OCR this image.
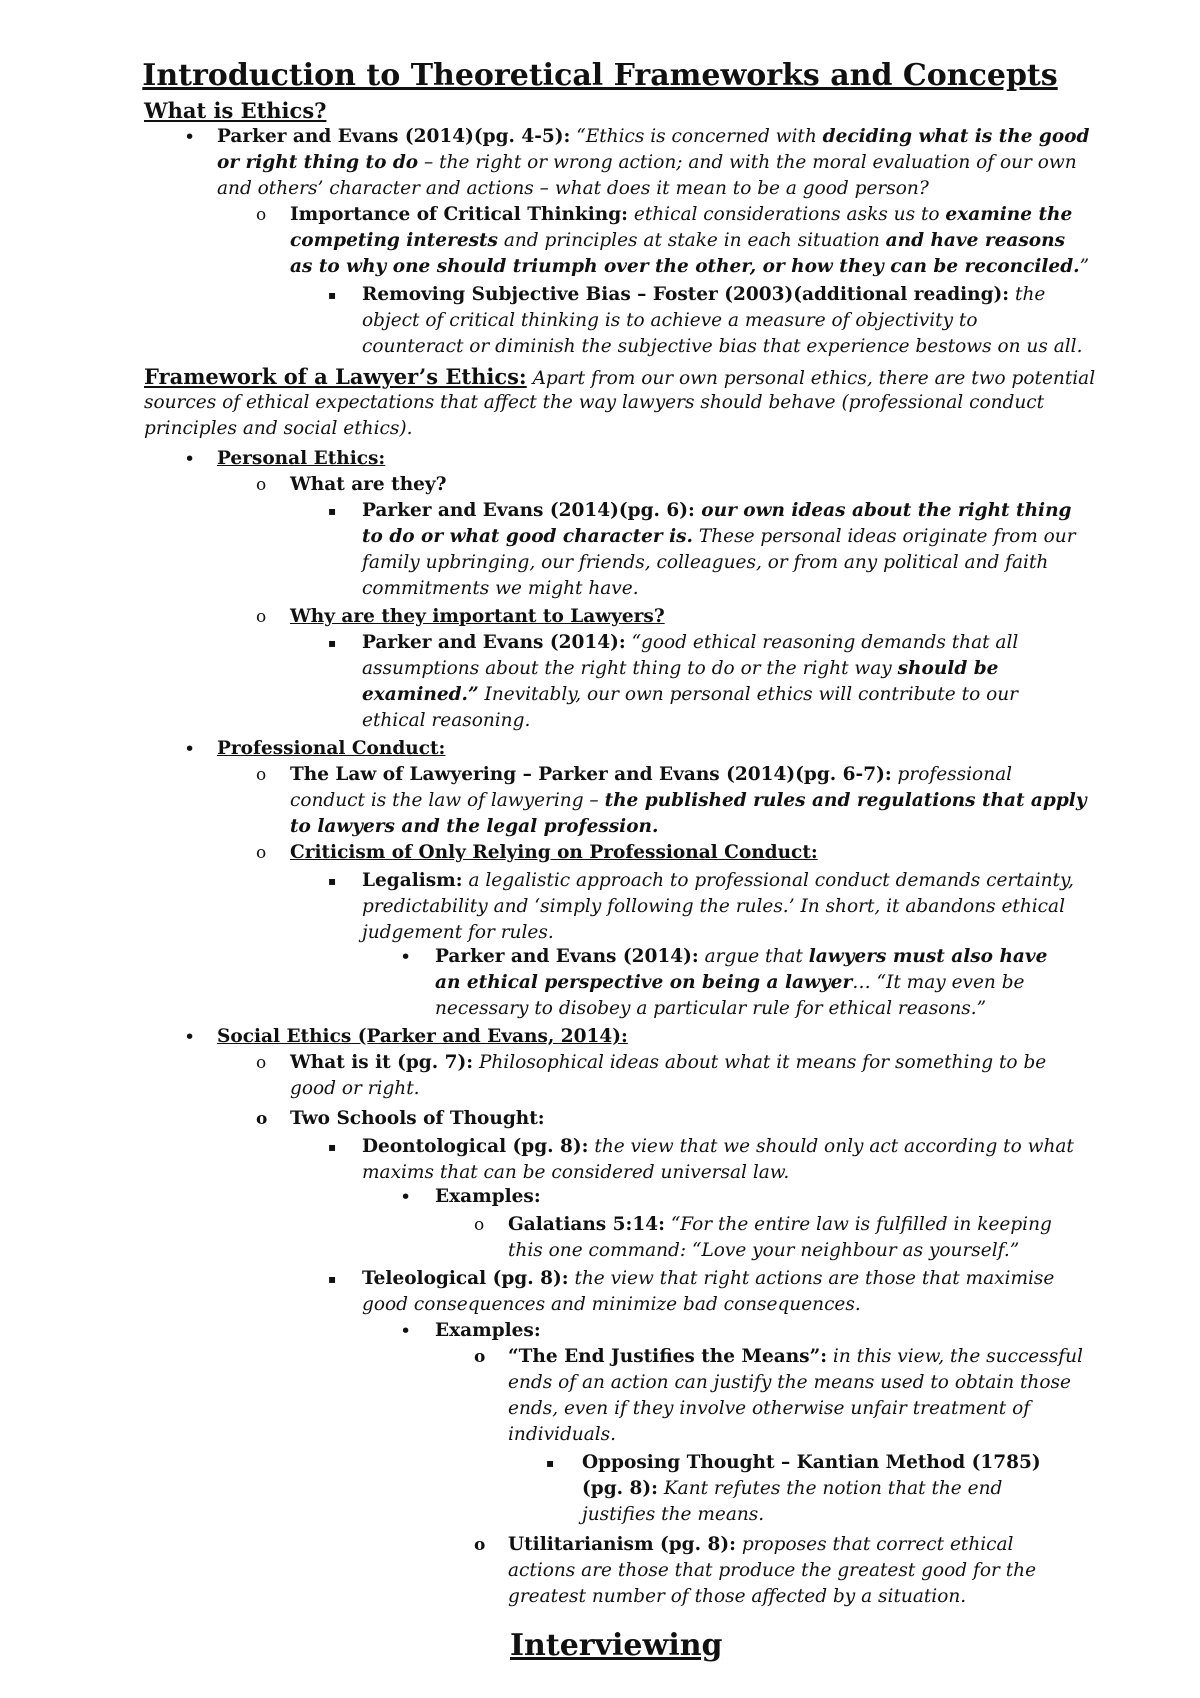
Introduction to Theoretical Frameworks and Concepts
What is Ethics?
•
o
▪
•
o
▪
o
▪
•
o
o
▪
•
•
o
o
▪
•
o
▪
•
o
▪
o
Parker and Evans (2014)(pg. 4-5): “Ethics is concerned with deciding what is the good
or right thing to do – the right or wrong action; and with the moral evaluation of our own
and others’ character and actions – what does it mean to be a good person?
Importance of Critical Thinking: ethical considerations asks us to examine the
competing interests and principles at stake in each situation and have reasons
as to why one should triumph over the other, or how they can be reconciled.”
Removing Subjective Bias – Foster (2003)(additional reading): the
object of critical thinking is to achieve a measure of objectivity to
counteract or diminish the subjective bias that experience bestows on us all.
Framework of a Lawyer’s Ethics: Apart from our own personal ethics, there are two potential
sources of ethical expectations that affect the way lawyers should behave (professional conduct
principles and social ethics).
Personal Ethics:
What are they?
Parker and Evans (2014)(pg. 6): our own ideas about the right thing
to do or what good character is. These personal ideas originate from our
family upbringing, our friends, colleagues, or from any political and faith
commitments we might have.
Why are they important to Lawyers?
Parker and Evans (2014): “good ethical reasoning demands that all
assumptions about the right thing to do or the right way should be
examined.” Inevitably, our own personal ethics will contribute to our
ethical reasoning.
Professional Conduct:
The Law of Lawyering – Parker and Evans (2014)(pg. 6-7): professional
conduct is the law of lawyering – the published rules and regulations that apply
to lawyers and the legal profession.
Criticism of Only Relying on Professional Conduct:
Legalism: a legalistic approach to professional conduct demands certainty,
predictability and ‘simply following the rules.’ In short, it abandons ethical
judgement for rules.
Parker and Evans (2014): argue that lawyers must also have
an ethical perspective on being a lawyer… “It may even be
necessary to disobey a particular rule for ethical reasons.”
Social Ethics (Parker and Evans, 2014):
What is it (pg. 7): Philosophical ideas about what it means for something to be
good or right.
Two Schools of Thought:
Deontological (pg. 8): the view that we should only act according to what
maxims that can be considered universal law.
Examples:
Galatians 5:14: “For the entire law is fulfilled in keeping
this one command: “Love your neighbour as yourself.”
Teleological (pg. 8): the view that right actions are those that maximise
good consequences and minimize bad consequences.
Examples:
“The End Justifies the Means”: in this view, the successful
ends of an action can justify the means used to obtain those
ends, even if they involve otherwise unfair treatment of
individuals.
Opposing Thought – Kantian Method (1785)
(pg. 8): Kant refutes the notion that the end
justifies the means.
Utilitarianism (pg. 8): proposes that correct ethical
actions are those that produce the greatest good for the
greatest number of those affected by a situation.
Interviewing
